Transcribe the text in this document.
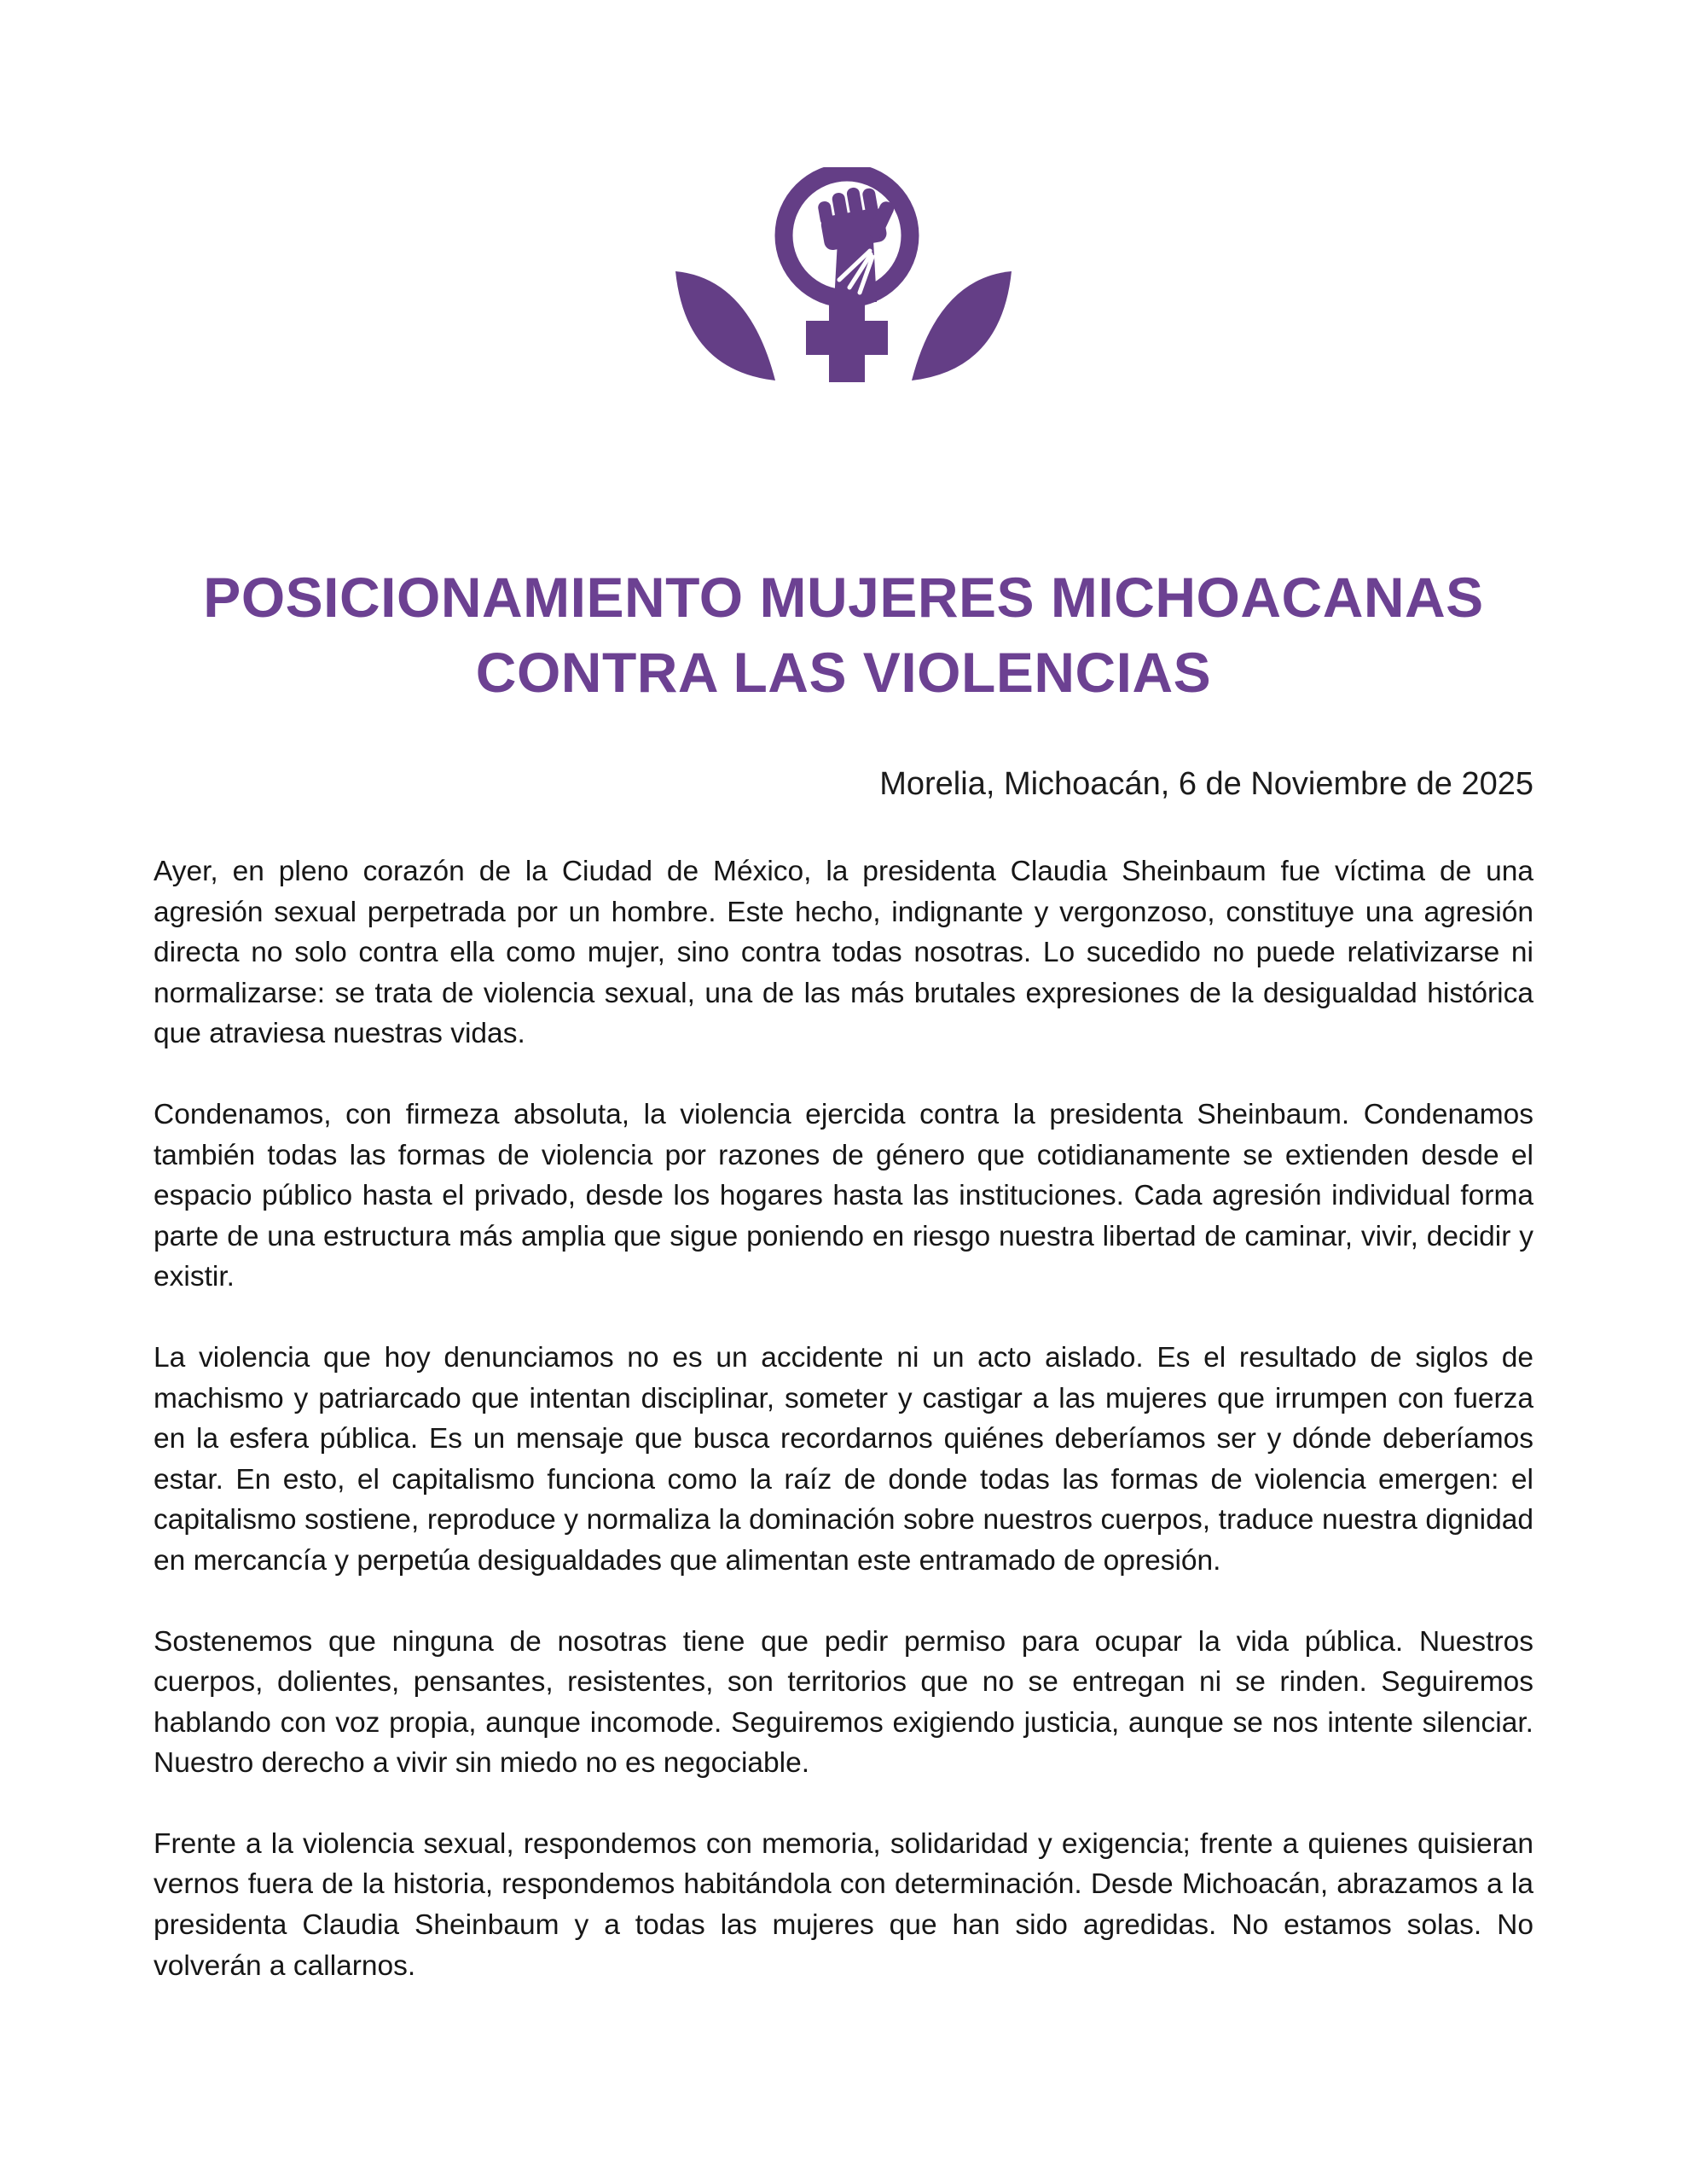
POSICIONAMIENTO MUJERES MICHOACANAS
CONTRA LAS VIOLENCIAS
Morelia, Michoacán, 6 de Noviembre de 2025

Ayer, en pleno corazón de la Ciudad de México, la presidenta Claudia Sheinbaum fue víctima de una agresión sexual perpetrada por un hombre. Este hecho, indignante y vergonzoso, constituye una agresión directa no solo contra ella como mujer, sino contra todas nosotras. Lo sucedido no puede relativizarse ni normalizarse: se trata de violencia sexual, una de las más brutales expresiones de la desigualdad histórica que atraviesa nuestras vidas.

Condenamos, con firmeza absoluta, la violencia ejercida contra la presidenta Sheinbaum. Condenamos también todas las formas de violencia por razones de género que cotidianamente se extienden desde el espacio público hasta el privado, desde los hogares hasta las instituciones. Cada agresión individual forma parte de una estructura más amplia que sigue poniendo en riesgo nuestra libertad de caminar, vivir, decidir y existir.

La violencia que hoy denunciamos no es un accidente ni un acto aislado. Es el resultado de siglos de machismo y patriarcado que intentan disciplinar, someter y castigar a las mujeres que irrumpen con fuerza en la esfera pública. Es un mensaje que busca recordarnos quiénes deberíamos ser y dónde deberíamos estar. En esto, el capitalismo funciona como la raíz de donde todas las formas de violencia emergen: el capitalismo sostiene, reproduce y normaliza la dominación sobre nuestros cuerpos, traduce nuestra dignidad en mercancía y perpetúa desigualdades que alimentan este entramado de opresión.

Sostenemos que ninguna de nosotras tiene que pedir permiso para ocupar la vida pública. Nuestros cuerpos, dolientes, pensantes, resistentes, son territorios que no se entregan ni se rinden. Seguiremos hablando con voz propia, aunque incomode. Seguiremos exigiendo justicia, aunque se nos intente silenciar. Nuestro derecho a vivir sin miedo no es negociable.

Frente a la violencia sexual, respondemos con memoria, solidaridad y exigencia; frente a quienes quisieran vernos fuera de la historia, respondemos habitándola con determinación. Desde Michoacán, abrazamos a la presidenta Claudia Sheinbaum y a todas las mujeres que han sido agredidas. No estamos solas. No volverán a callarnos.
